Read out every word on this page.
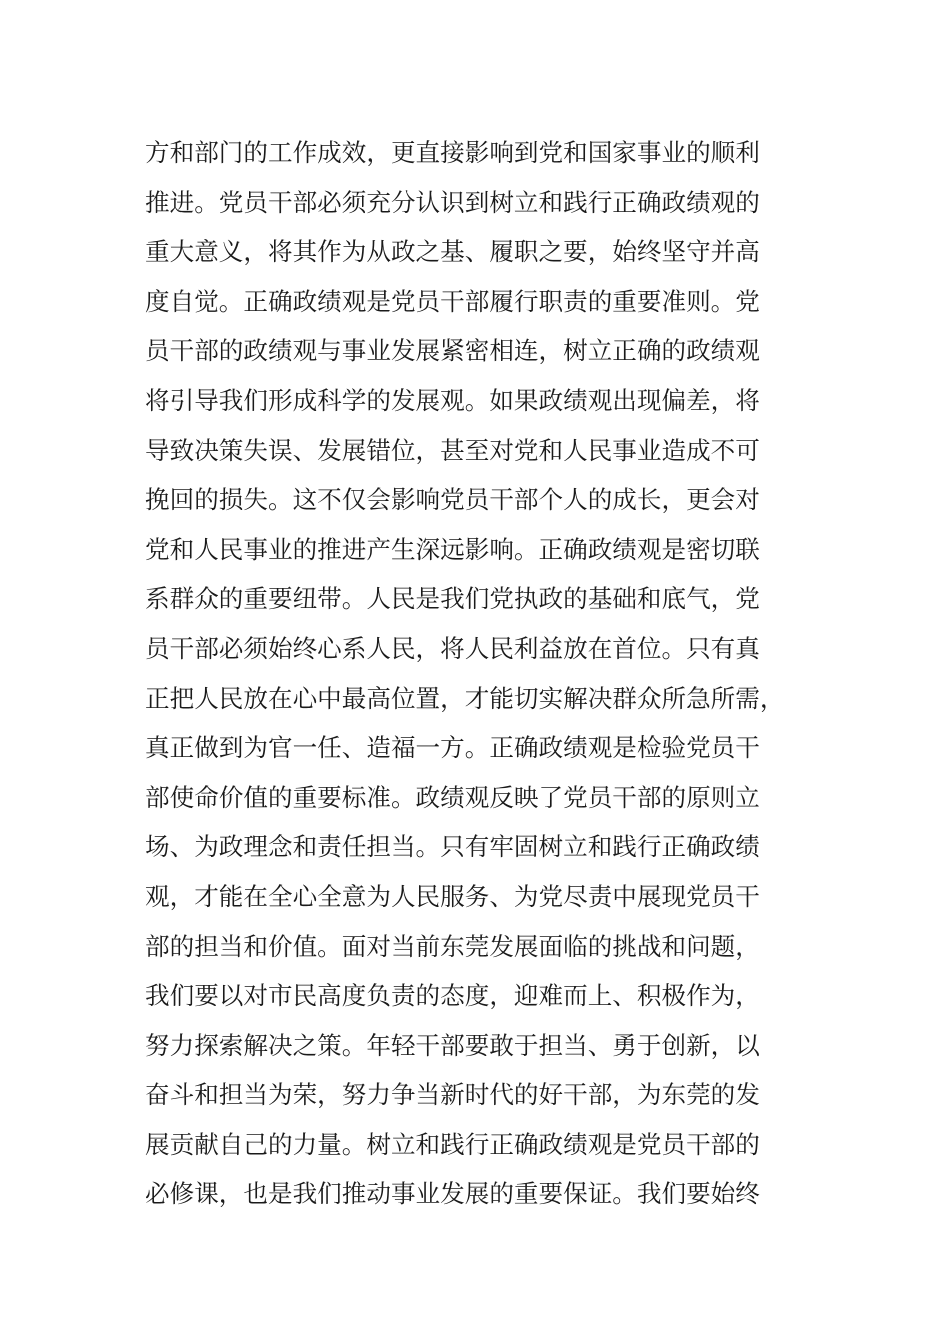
方和部门的工作成效，更直接影响到党和国家事业的顺利
推进。党员干部必须充分认识到树立和践行正确政绩观的
重大意义，将其作为从政之基、履职之要，始终坚守并高
度自觉。正确政绩观是党员干部履行职责的重要准则。党
员干部的政绩观与事业发展紧密相连，树立正确的政绩观
将引导我们形成科学的发展观。如果政绩观出现偏差，将
导致决策失误、发展错位，甚至对党和人民事业造成不可
挽回的损失。这不仅会影响党员干部个人的成长，更会对
党和人民事业的推进产生深远影响。正确政绩观是密切联
系群众的重要纽带。人民是我们党执政的基础和底气，党
员干部必须始终心系人民，将人民利益放在首位。只有真
正把人民放在心中最高位置，才能切实解决群众所急所需，
真正做到为官一任、造福一方。正确政绩观是检验党员干
部使命价值的重要标准。政绩观反映了党员干部的原则立
场、为政理念和责任担当。只有牢固树立和践行正确政绩
观，才能在全心全意为人民服务、为党尽责中展现党员干
部的担当和价值。面对当前东莞发展面临的挑战和问题，
我们要以对市民高度负责的态度，迎难而上、积极作为，
努力探索解决之策。年轻干部要敢于担当、勇于创新，以
奋斗和担当为荣，努力争当新时代的好干部，为东莞的发
展贡献自己的力量。树立和践行正确政绩观是党员干部的
必修课，也是我们推动事业发展的重要保证。我们要始终
